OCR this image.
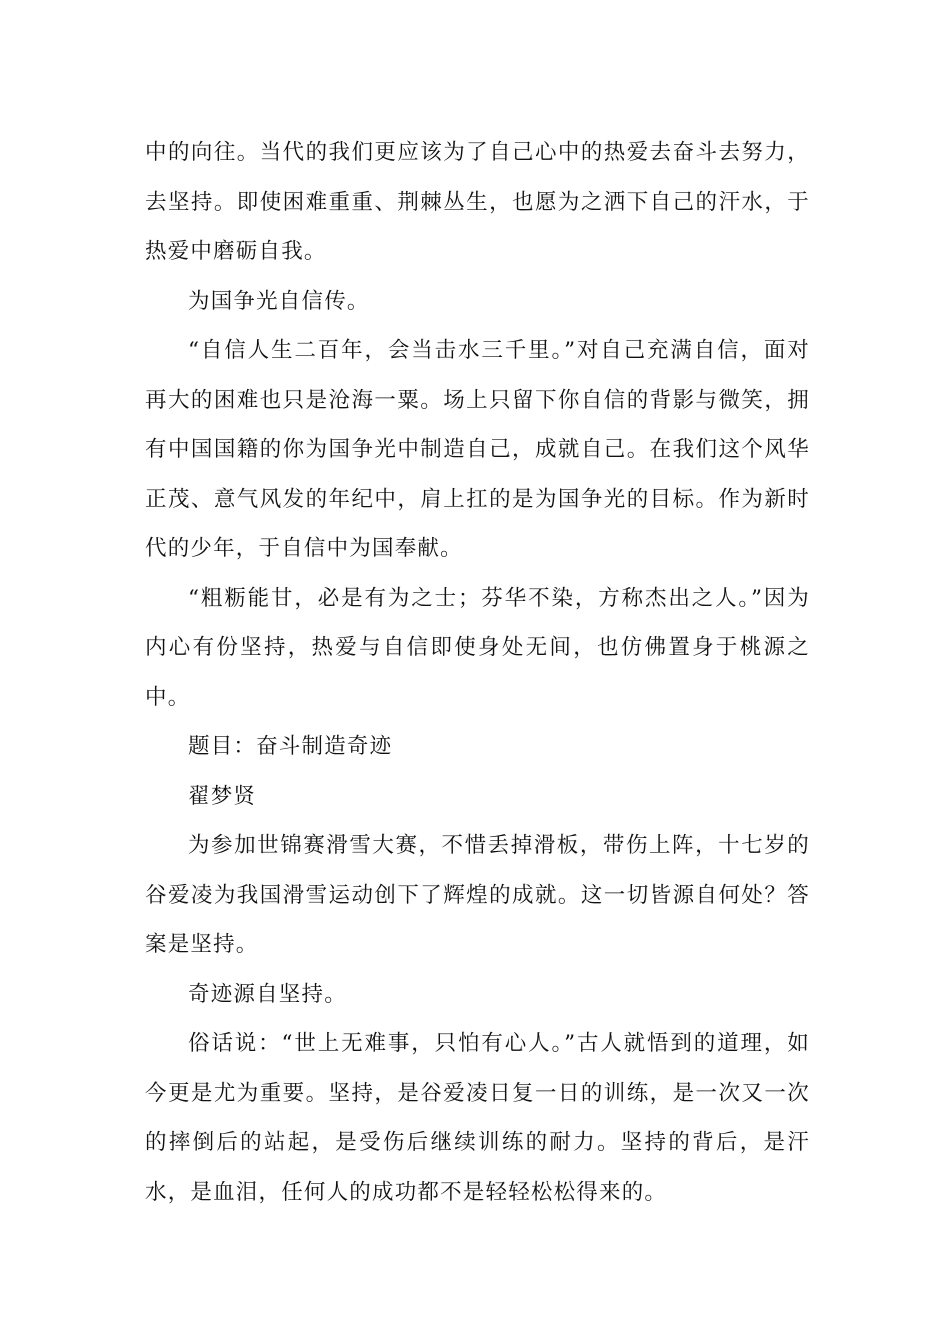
中的向往。当代的我们更应该为了自己心中的热爱去奋斗去努力，去坚持。即使困难重重、荆棘丛生，也愿为之洒下自己的汗水，于热爱中磨砺自我。

为国争光自信传。

“自信人生二百年，会当击水三千里。”对自己充满自信，面对再大的困难也只是沧海一粟。场上只留下你自信的背影与微笑，拥有中国国籍的你为国争光中制造自己，成就自己。在我们这个风华正茂、意气风发的年纪中，肩上扛的是为国争光的目标。作为新时代的少年，于自信中为国奉献。

“粗粝能甘，必是有为之士；芬华不染，方称杰出之人。”因为内心有份坚持，热爱与自信即使身处无间，也仿佛置身于桃源之中。

题目：奋斗制造奇迹

翟梦贤

为参加世锦赛滑雪大赛，不惜丢掉滑板，带伤上阵，十七岁的谷爱凌为我国滑雪运动创下了辉煌的成就。这一切皆源自何处？答案是坚持。

奇迹源自坚持。

俗话说：“世上无难事，只怕有心人。”古人就悟到的道理，如今更是尤为重要。坚持，是谷爱凌日复一日的训练，是一次又一次的摔倒后的站起，是受伤后继续训练的耐力。坚持的背后，是汗水，是血泪，任何人的成功都不是轻轻松松得来的。
